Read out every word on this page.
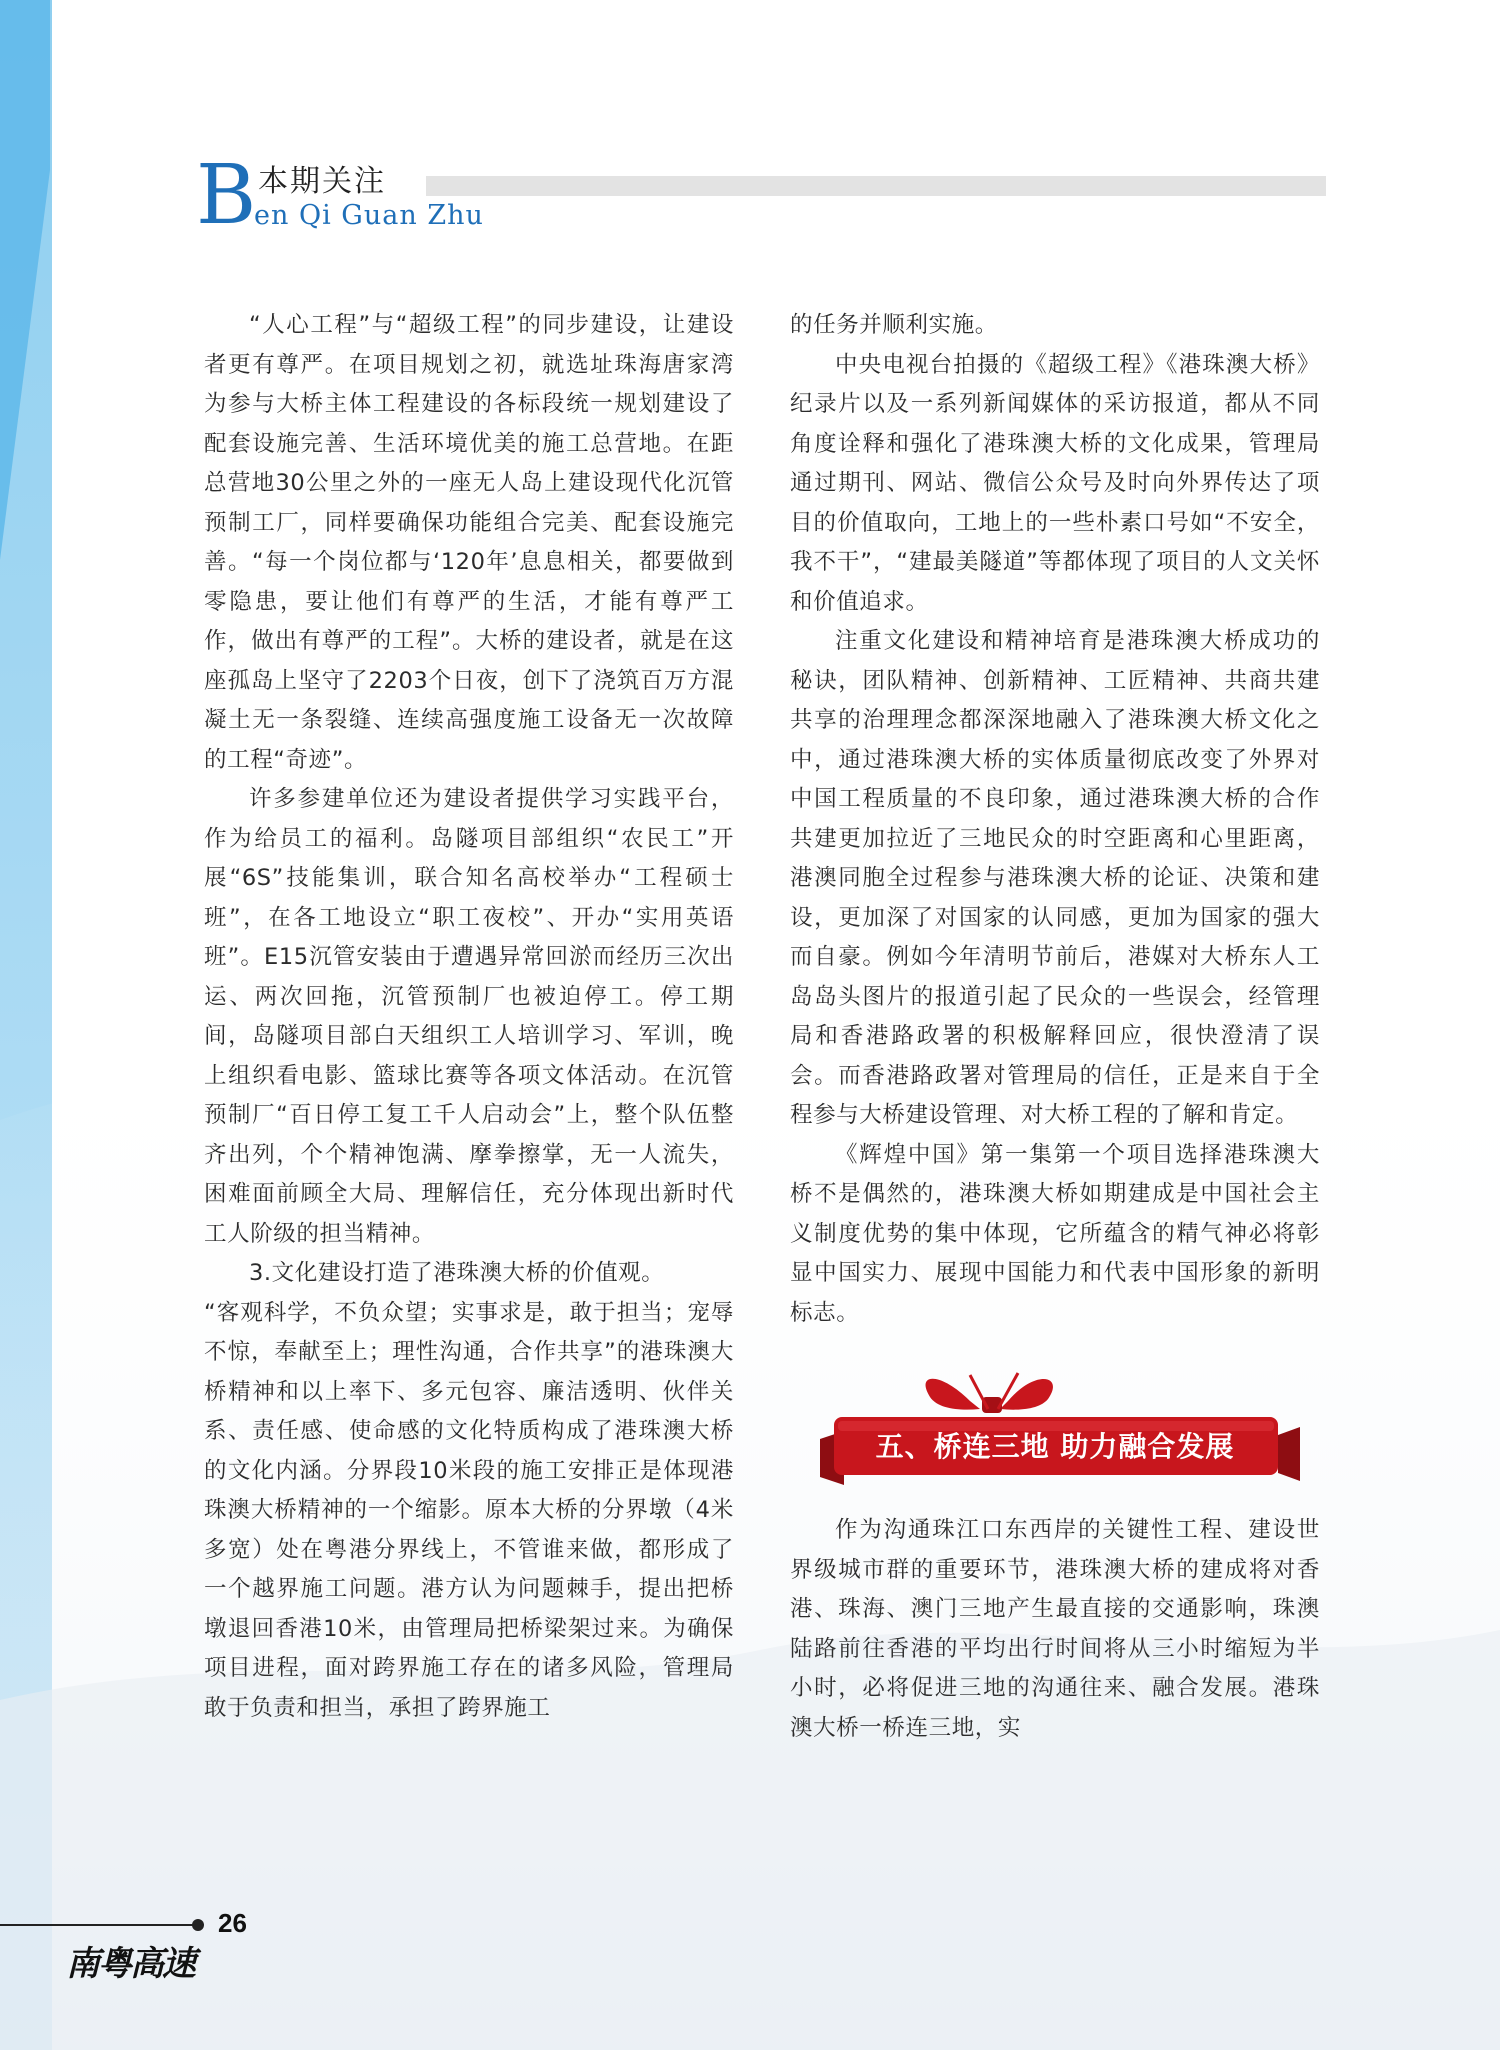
B 本期关注
en Qi Guan Zhu

“人心工程”与“超级工程”的同步建设，让建设者更有尊严。在项目规划之初，就选址珠海唐家湾为参与大桥主体工程建设的各标段统一规划建设了配套设施完善、生活环境优美的施工总营地。在距总营地30公里之外的一座无人岛上建设现代化沉管预制工厂，同样要确保功能组合完美、配套设施完善。“每一个岗位都与‘120年’息息相关，都要做到零隐患，要让他们有尊严的生活，才能有尊严工作，做出有尊严的工程”。大桥的建设者，就是在这座孤岛上坚守了2203个日夜，创下了浇筑百万方混凝土无一条裂缝、连续高强度施工设备无一次故障的工程“奇迹”。

许多参建单位还为建设者提供学习实践平台，作为给员工的福利。岛隧项目部组织“农民工”开展“6S”技能集训，联合知名高校举办“工程硕士班”，在各工地设立“职工夜校”、开办“实用英语班”。E15沉管安装由于遭遇异常回淤而经历三次出运、两次回拖，沉管预制厂也被迫停工。停工期间，岛隧项目部白天组织工人培训学习、军训，晚上组织看电影、篮球比赛等各项文体活动。在沉管预制厂“百日停工复工千人启动会”上，整个队伍整齐出列，个个精神饱满、摩拳擦掌，无一人流失，困难面前顾全大局、理解信任，充分体现出新时代工人阶级的担当精神。

3.文化建设打造了港珠澳大桥的价值观。

“客观科学，不负众望；实事求是，敢于担当；宠辱不惊，奉献至上；理性沟通，合作共享”的港珠澳大桥精神和以上率下、多元包容、廉洁透明、伙伴关系、责任感、使命感的文化特质构成了港珠澳大桥的文化内涵。分界段10米段的施工安排正是体现港珠澳大桥精神的一个缩影。原本大桥的分界墩（4米多宽）处在粤港分界线上，不管谁来做，都形成了一个越界施工问题。港方认为问题棘手，提出把桥墩退回香港10米，由管理局把桥梁架过来。为确保项目进程，面对跨界施工存在的诸多风险，管理局敢于负责和担当，承担了跨界施工

的任务并顺利实施。

中央电视台拍摄的《超级工程》《港珠澳大桥》纪录片以及一系列新闻媒体的采访报道，都从不同角度诠释和强化了港珠澳大桥的文化成果，管理局通过期刊、网站、微信公众号及时向外界传达了项目的价值取向，工地上的一些朴素口号如“不安全，我不干”，“建最美隧道”等都体现了项目的人文关怀和价值追求。

注重文化建设和精神培育是港珠澳大桥成功的秘诀，团队精神、创新精神、工匠精神、共商共建共享的治理理念都深深地融入了港珠澳大桥文化之中，通过港珠澳大桥的实体质量彻底改变了外界对中国工程质量的不良印象，通过港珠澳大桥的合作共建更加拉近了三地民众的时空距离和心里距离，港澳同胞全过程参与港珠澳大桥的论证、决策和建设，更加深了对国家的认同感，更加为国家的强大而自豪。例如今年清明节前后，港媒对大桥东人工岛岛头图片的报道引起了民众的一些误会，经管理局和香港路政署的积极解释回应，很快澄清了误会。而香港路政署对管理局的信任，正是来自于全程参与大桥建设管理、对大桥工程的了解和肯定。

《辉煌中国》第一集第一个项目选择港珠澳大桥不是偶然的，港珠澳大桥如期建成是中国社会主义制度优势的集中体现，它所蕴含的精气神必将彰显中国实力、展现中国能力和代表中国形象的新明标志。

五、桥连三地 助力融合发展

作为沟通珠江口东西岸的关键性工程、建设世界级城市群的重要环节，港珠澳大桥的建成将对香港、珠海、澳门三地产生最直接的交通影响，珠澳陆路前往香港的平均出行时间将从三小时缩短为半小时，必将促进三地的沟通往来、融合发展。港珠澳大桥一桥连三地，实

26
南粤高速
